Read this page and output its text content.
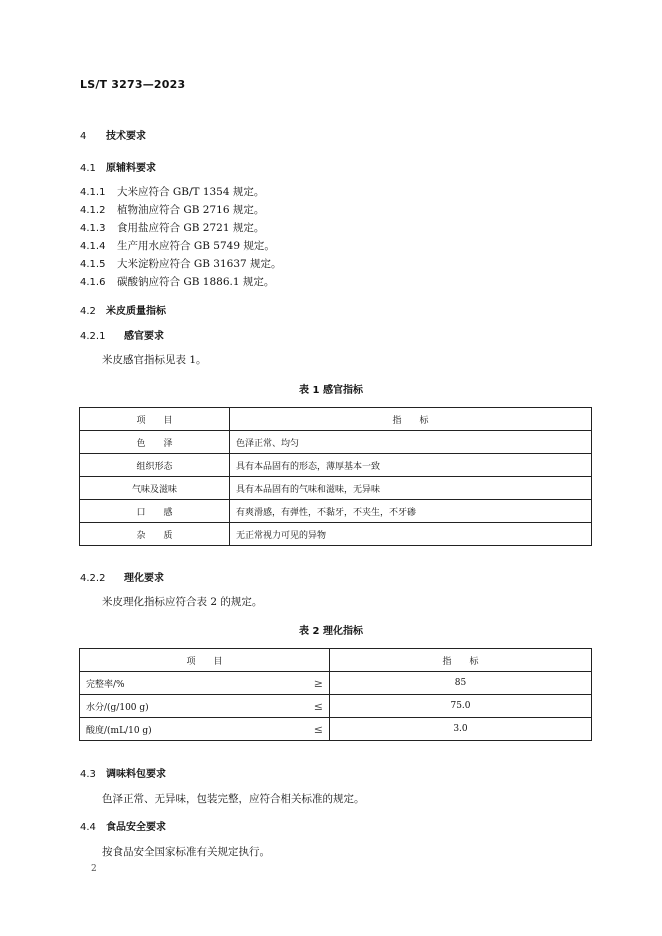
LS/T 3273—2023
4 技术要求
4.1 原辅料要求
4.1.1 大米应符合 GB/T 1354 规定。
4.1.2 植物油应符合 GB 2716 规定。
4.1.3 食用盐应符合 GB 2721 规定。
4.1.4 生产用水应符合 GB 5749 规定。
4.1.5 大米淀粉应符合 GB 31637 规定。
4.1.6 碳酸钠应符合 GB 1886.1 规定。
4.2 米皮质量指标
4.2.1 感官要求
米皮感官指标见表 1。
表 1 感官指标
项　　目	指　　标
色　　泽	色泽正常、均匀
组织形态	具有本品固有的形态，薄厚基本一致
气味及滋味	具有本品固有的气味和滋味，无异味
口　　感	有爽滑感，有弹性，不黏牙，不夹生，不牙碜
杂　　质	无正常视力可见的异物
4.2.2 理化要求
米皮理化指标应符合表 2 的规定。
表 2 理化指标
项　　目	指　　标
完整率/% ≥	85
水分/(g/100 g) ≤	75.0
酸度/(mL/10 g) ≤	3.0
4.3 调味料包要求
色泽正常、无异味，包装完整，应符合相关标准的规定。
4.4 食品安全要求
按食品安全国家标准有关规定执行。
2
